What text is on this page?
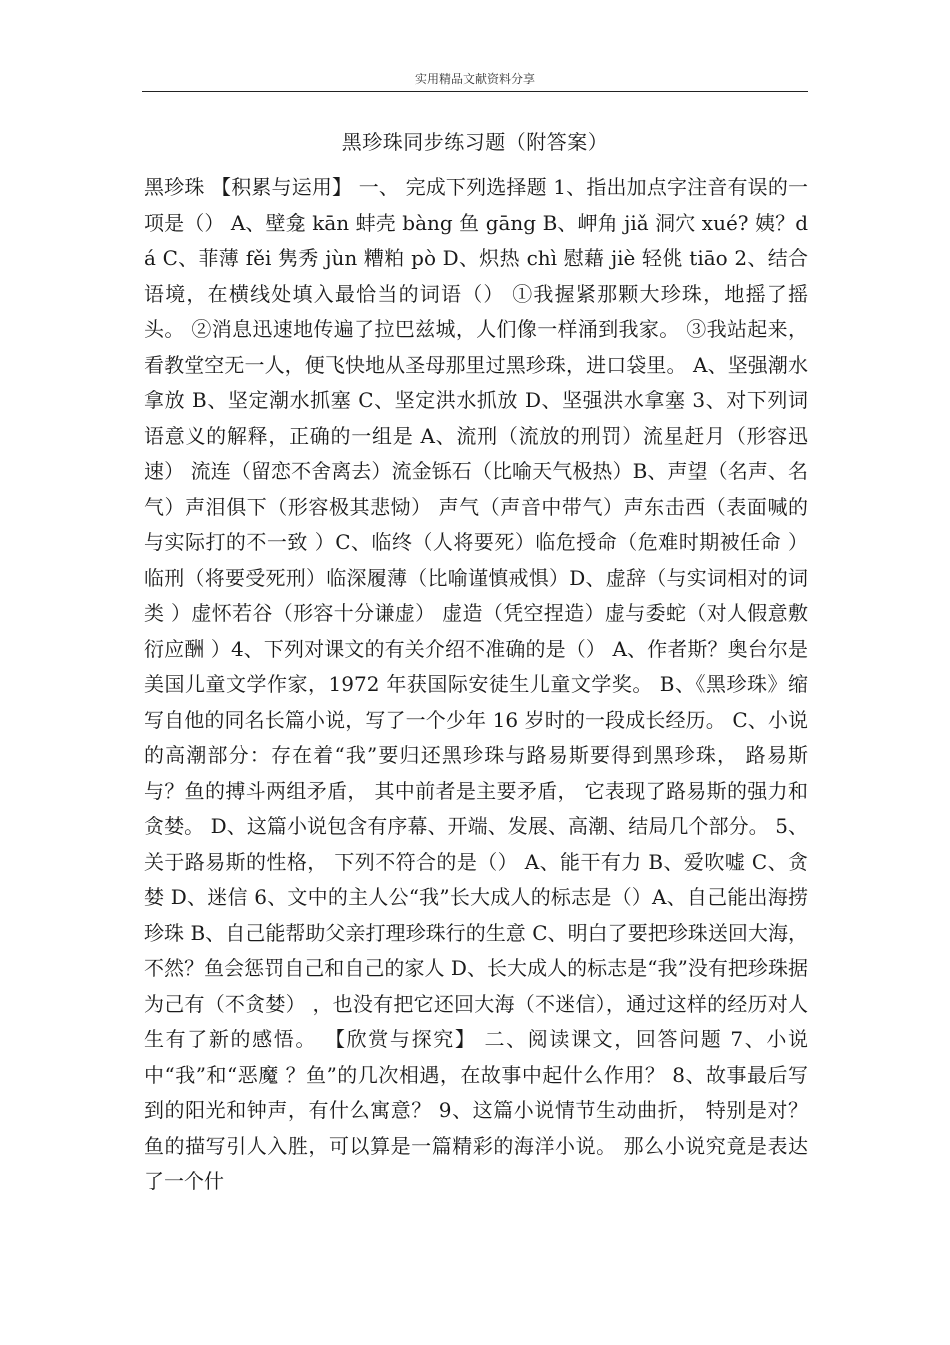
实用精品文献资料分享
黑珍珠同步练习题（附答案）

黑珍珠 【积累与运用】 一、 完成下列选择题 1、指出加点字注音有误的一项是（） A、壁龛 kān 蚌壳 bàng 鱼 gāng B、岬角 jiǎ 洞穴 xué? 姨？dá C、菲薄 fěi 隽秀 jùn 糟粕 pò D、炽热 chì 慰藉 jiè 轻佻 tiāo 2、结合语境，在横线处填入最恰当的词语（） ①我握紧那颗大珍珠，地摇了摇头。 ②消息迅速地传遍了拉巴兹城，人们像一样涌到我家。 ③我站起来，看教堂空无一人，便飞快地从圣母那里过黑珍珠，进口袋里。 A、坚强潮水拿放 B、坚定潮水抓塞 C、坚定洪水抓放 D、坚强洪水拿塞 3、对下列词语意义的解释，正确的一组是 A、流刑（流放的刑罚）流星赶月（形容迅速） 流连（留恋不舍离去）流金铄石（比喻天气极热）B、声望（名声、名气）声泪俱下（形容极其悲恸） 声气（声音中带气）声东击西（表面喊的与实际打的不一致 ）C、临终（人将要死）临危授命（危难时期被任命 ） 临刑（将要受死刑）临深履薄（比喻谨慎戒惧）D、虚辞（与实词相对的词类 ）虚怀若谷（形容十分谦虚） 虚造（凭空捏造）虚与委蛇（对人假意敷衍应酬 ）4、下列对课文的有关介绍不准确的是（） A、作者斯？奥台尔是美国儿童文学作家，1972 年获国际安徒生儿童文学奖。 B、《黑珍珠》缩写自他的同名长篇小说，写了一个少年 16 岁时的一段成长经历。 C、小说的高潮部分：存在着“我”要归还黑珍珠与路易斯要得到黑珍珠， 路易斯与？鱼的搏斗两组矛盾， 其中前者是主要矛盾， 它表现了路易斯的强力和贪婪。 D、这篇小说包含有序幕、开端、发展、高潮、结局几个部分。 5、关于路易斯的性格， 下列不符合的是（） A、能干有力 B、爱吹嘘 C、贪婪 D、迷信 6、文中的主人公“我”长大成人的标志是（）A、自己能出海捞珍珠 B、自己能帮助父亲打理珍珠行的生意 C、明白了要把珍珠送回大海， 不然？鱼会惩罚自己和自己的家人 D、长大成人的标志是“我”没有把珍珠据为己有（不贪婪） ，也没有把它还回大海（不迷信），通过这样的经历对人生有了新的感悟。 【欣赏与探究】 二、阅读课文，回答问题 7、小说中“我”和“恶魔 ？鱼”的几次相遇，在故事中起什么作用？ 8、故事最后写到的阳光和钟声，有什么寓意？ 9、这篇小说情节生动曲折， 特别是对？鱼的描写引人入胜，可以算是一篇精彩的海洋小说。 那么小说究竟是表达了一个什
